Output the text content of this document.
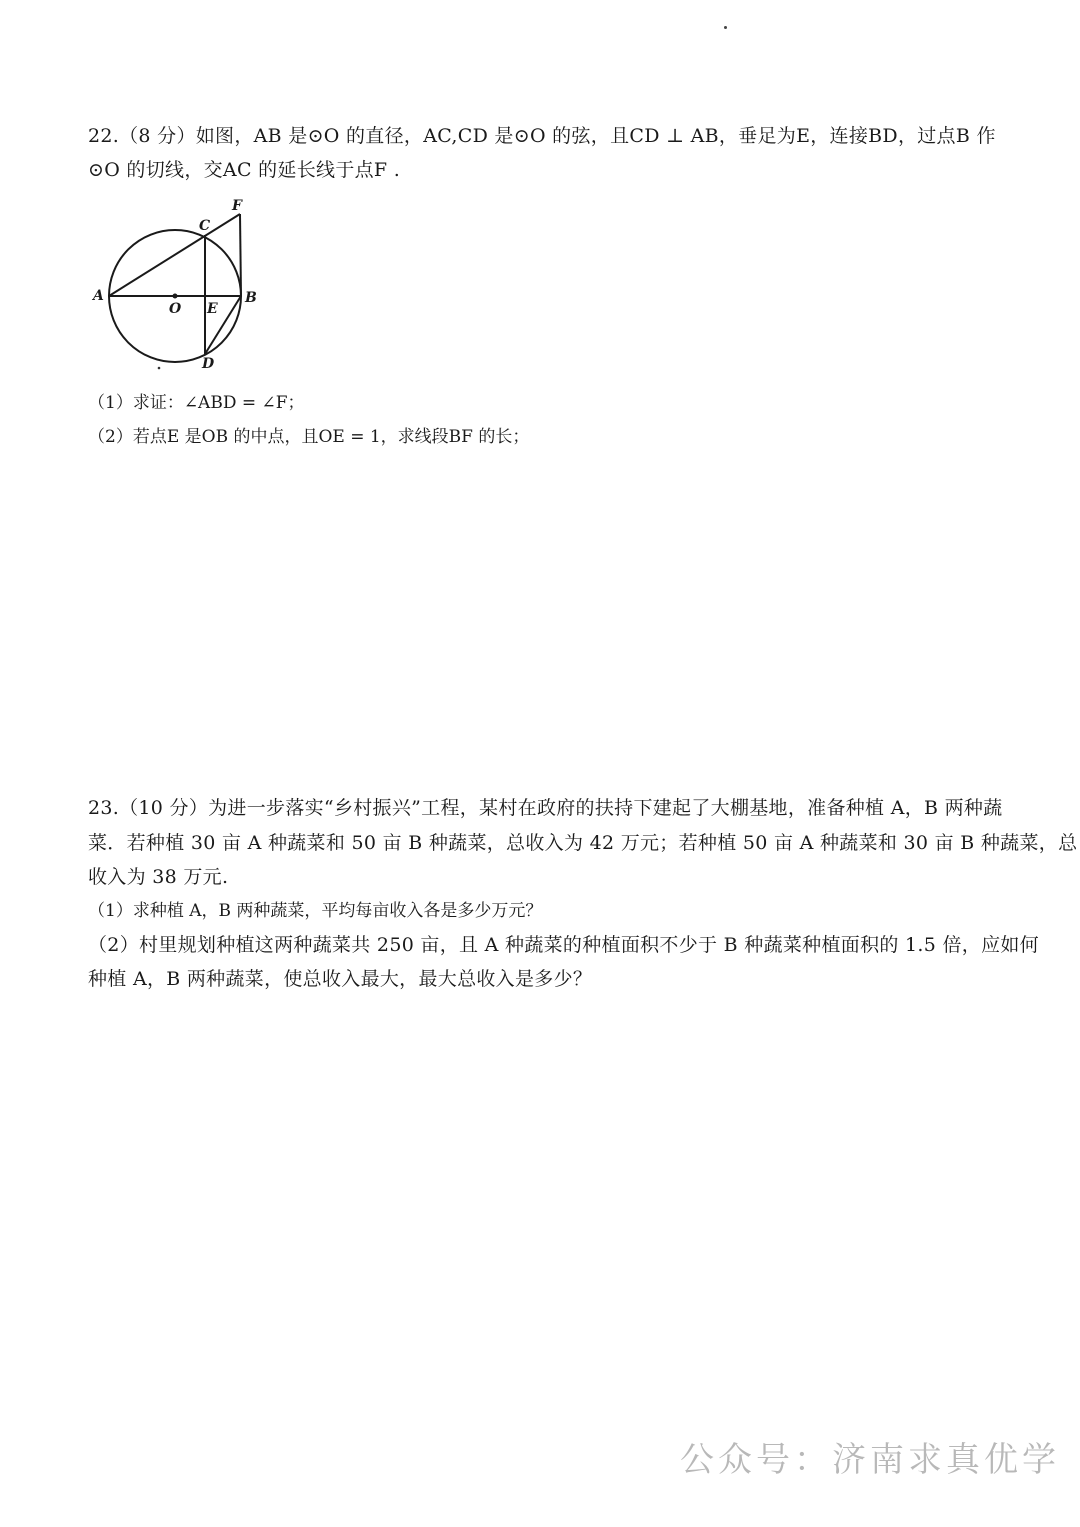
22.（8 分）如图，AB 是⊙O 的直径，AC,CD 是⊙O 的弦，且CD ⊥ AB，垂足为E，连接BD，过点B 作
⊙O 的切线，交AC 的延长线于点F .
A	B
C
D
E
F
O
（1）求证：∠ABD = ∠F；
（2）若点E 是OB 的中点，且OE = 1，求线段BF 的长；
23.（10 分）为进一步落实“乡村振兴”工程，某村在政府的扶持下建起了大棚基地，准备种植 A，B 两种蔬
菜．若种植 30 亩 A 种蔬菜和 50 亩 B 种蔬菜，总收入为 42 万元；若种植 50 亩 A 种蔬菜和 30 亩 B 种蔬菜，总
收入为 38 万元.
（1）求种植 A，B 两种蔬菜，平均每亩收入各是多少万元？
（2）村里规划种植这两种蔬菜共 250 亩，且 A 种蔬菜的种植面积不少于 B 种蔬菜种植面积的 1.5 倍，应如何
种植 A，B 两种蔬菜，使总收入最大，最大总收入是多少？
公众号：济南求真优学
